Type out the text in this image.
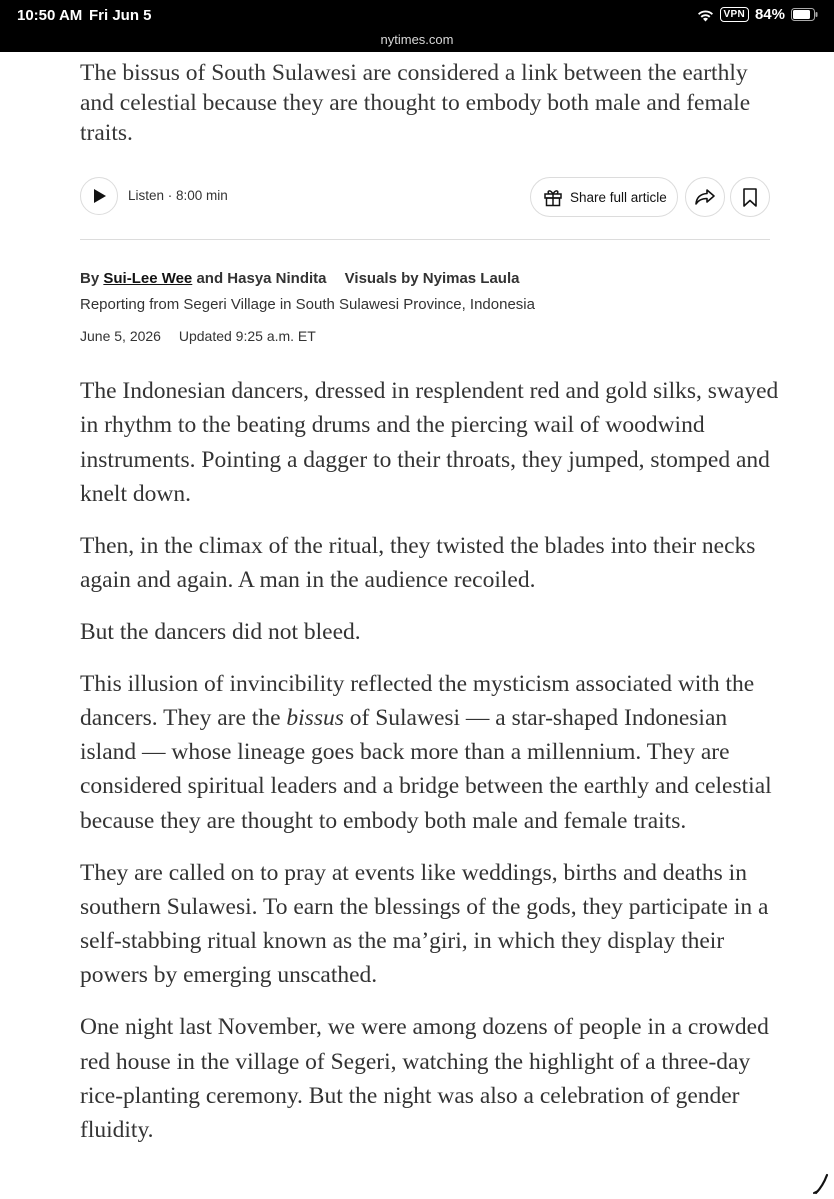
10:50 AM Fri Jun 5
nytimes.com
VPN 84%

The bissus of South Sulawesi are considered a link between the earthly and celestial because they are thought to embody both male and female traits.

Listen · 8:00 min	Share full article
By Sui-Lee Wee and Hasya Nindita Visuals by Nyimas Laula
Reporting from Segeri Village in South Sulawesi Province, Indonesia
June 5, 2026 Updated 9:25 a.m. ET

The Indonesian dancers, dressed in resplendent red and gold silks, swayed in rhythm to the beating drums and the piercing wail of woodwind instruments. Pointing a dagger to their throats, they jumped, stomped and knelt down.

Then, in the climax of the ritual, they twisted the blades into their necks again and again. A man in the audience recoiled.

But the dancers did not bleed.

This illusion of invincibility reflected the mysticism associated with the dancers. They are the bissus of Sulawesi — a star-shaped Indonesian island — whose lineage goes back more than a millennium. They are considered spiritual leaders and a bridge between the earthly and celestial because they are thought to embody both male and female traits.

They are called on to pray at events like weddings, births and deaths in southern Sulawesi. To earn the blessings of the gods, they participate in a self-stabbing ritual known as the ma’giri, in which they display their powers by emerging unscathed.

One night last November, we were among dozens of people in a crowded red house in the village of Segeri, watching the highlight of a three-day rice-planting ceremony. But the night was also a celebration of gender fluidity.
